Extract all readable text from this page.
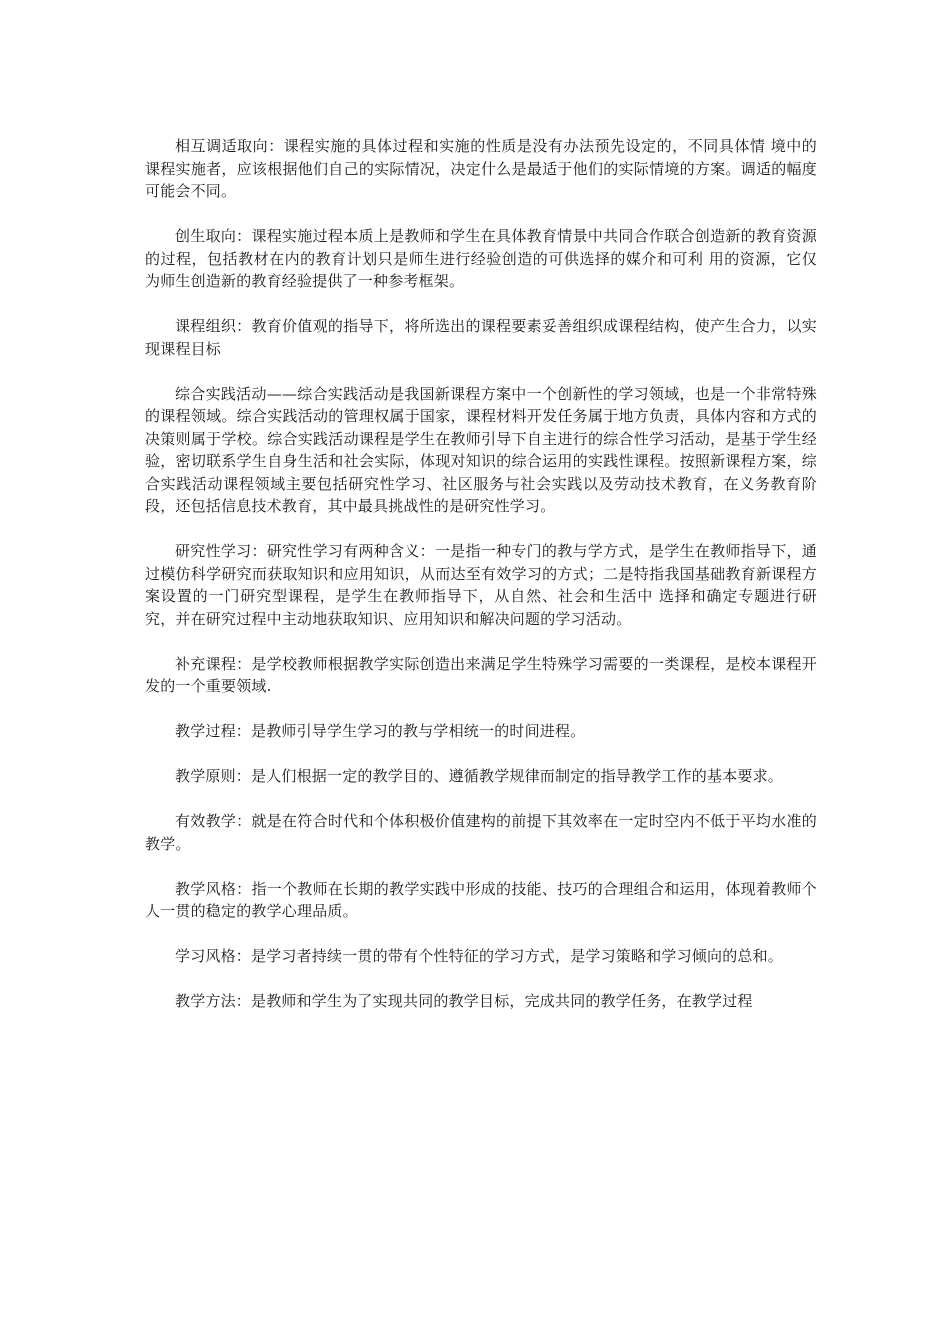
相互调适取向：课程实施的具体过程和实施的性质是没有办法预先设定的，不同具体情 境中的课程实施者，应该根据他们自己的实际情况，决定什么是最适于他们的实际情境的方案。调适的幅度可能会不同。

创生取向：课程实施过程本质上是教师和学生在具体教育情景中共同合作联合创造新的教育资源的过程，包括教材在内的教育计划只是师生进行经验创造的可供选择的媒介和可利 用的资源，它仅为师生创造新的教育经验提供了一种参考框架。

课程组织：教育价值观的指导下，将所选出的课程要素妥善组织成课程结构，使产生合力，以实现课程目标

综合实践活动——综合实践活动是我国新课程方案中一个创新性的学习领域，也是一个非常特殊的课程领域。综合实践活动的管理权属于国家，课程材料开发任务属于地方负责，具体内容和方式的决策则属于学校。综合实践活动课程是学生在教师引导下自主进行的综合性学习活动，是基于学生经验，密切联系学生自身生活和社会实际，体现对知识的综合运用的实践性课程。按照新课程方案，综合实践活动课程领域主要包括研究性学习、社区服务与社会实践以及劳动技术教育，在义务教育阶段，还包括信息技术教育，其中最具挑战性的是研究性学习。

研究性学习：研究性学习有两种含义：一是指一种专门的教与学方式，是学生在教师指导下，通过模仿科学研究而获取知识和应用知识，从而达至有效学习的方式；二是特指我国基础教育新课程方案设置的一门研究型课程，是学生在教师指导下，从自然、社会和生活中 选择和确定专题进行研究，并在研究过程中主动地获取知识、应用知识和解决问题的学习活动。

补充课程：是学校教师根据教学实际创造出来满足学生特殊学习需要的一类课程，是校本课程开发的一个重要领域.

教学过程：是教师引导学生学习的教与学相统一的时间进程。

教学原则：是人们根据一定的教学目的、遵循教学规律而制定的指导教学工作的基本要求。

有效教学：就是在符合时代和个体积极价值建构的前提下其效率在一定时空内不低于平均水准的教学。

教学风格：指一个教师在长期的教学实践中形成的技能、技巧的合理组合和运用，体现着教师个人一贯的稳定的教学心理品质。

学习风格：是学习者持续一贯的带有个性特征的学习方式，是学习策略和学习倾向的总和。

教学方法：是教师和学生为了实现共同的教学目标，完成共同的教学任务，在教学过程
